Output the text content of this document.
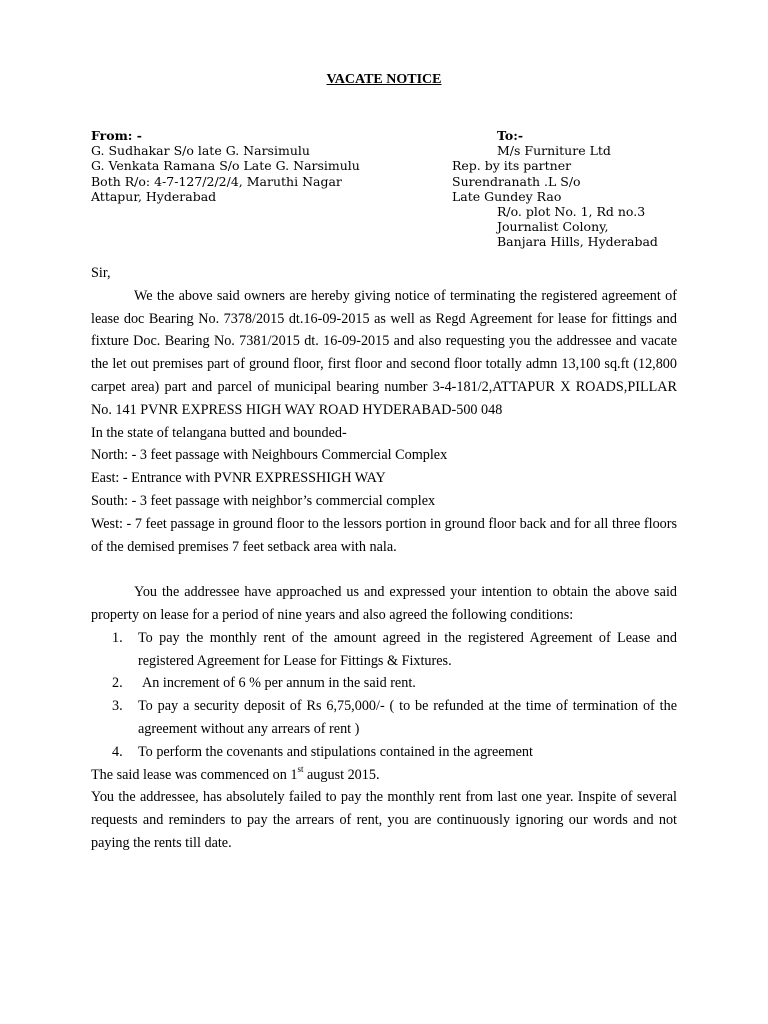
VACATE NOTICE
From: -
G. Sudhakar S/o late G. Narsimulu
G. Venkata Ramana S/o Late G. Narsimulu
Both R/o: 4-7-127/2/2/4, Maruthi Nagar
Attapur, Hyderabad
To:-
M/s Furniture Ltd
Rep. by its partner
Surendranath .L S/o
Late Gundey Rao
R/o. plot No. 1, Rd no.3
Journalist Colony,
Banjara Hills, Hyderabad

Sir,

We the above said owners are hereby giving notice of terminating the registered agreement of lease doc Bearing No. 7378/2015 dt.16-09-2015 as well as Regd Agreement for lease for fittings and fixture Doc. Bearing No. 7381/2015 dt. 16-09-2015 and also requesting you the addressee and vacate the let out premises part of ground floor, first floor and second floor totally admn 13,100 sq.ft (12,800 carpet area) part and parcel of municipal bearing number 3-4-181/2,ATTAPUR X ROADS,PILLAR No. 141 PVNR EXPRESS HIGH WAY ROAD HYDERABAD-500 048

In the state of telangana butted and bounded-

North: - 3 feet passage with Neighbours Commercial Complex

East: - Entrance with PVNR EXPRESSHIGH WAY

South: - 3 feet passage with neighbor’s commercial complex

West: - 7 feet passage in ground floor to the lessors portion in ground floor back and for all three floors of the demised premises 7 feet setback area with nala.

You the addressee have approached us and expressed your intention to obtain the above said property on lease for a period of nine years and also agreed the following conditions:

1. To pay the monthly rent of the amount agreed in the registered Agreement of Lease and registered Agreement for Lease for Fittings & Fixtures.
2. An increment of 6 % per annum in the said rent.
3. To pay a security deposit of Rs 6,75,000/- ( to be refunded at the time of termination of the agreement without any arrears of rent )
4. To perform the covenants and stipulations contained in the agreement

The said lease was commenced on 1st august 2015.

You the addressee, has absolutely failed to pay the monthly rent from last one year. Inspite of several requests and reminders to pay the arrears of rent, you are continuously ignoring our words and not paying the rents till date.
